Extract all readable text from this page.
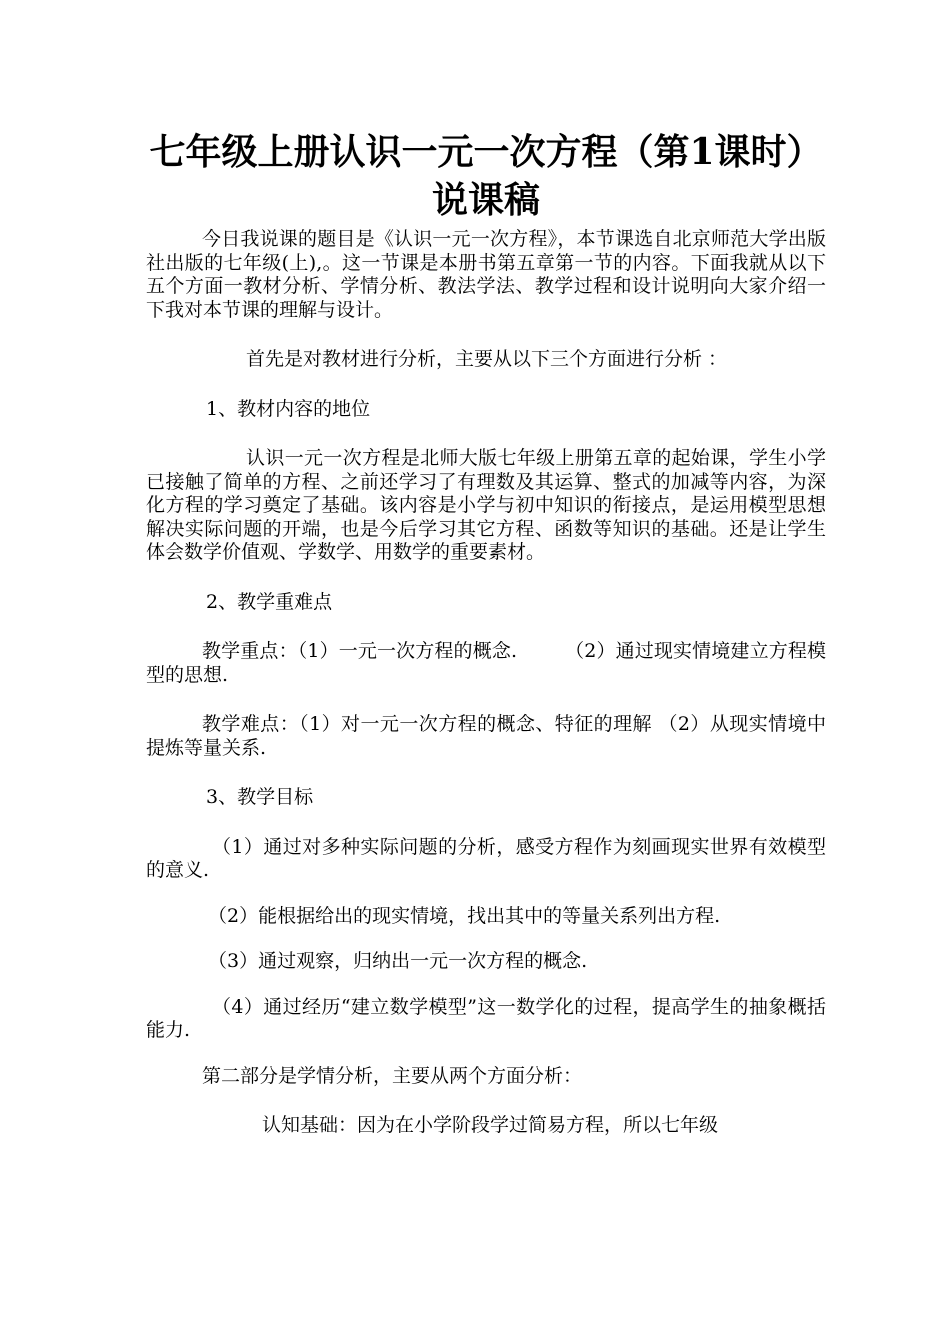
七年级上册认识一元一次方程（第1课时）说课稿

今日我说课的题目是《认识一元一次方程》，本节课选自北京师范大学出版社出版的七年级(上),。这一节课是本册书第五章第一节的内容。下面我就从以下五个方面一教材分析、学情分析、教法学法、教学过程和设计说明向大家介绍一下我对本节课的理解与设计。

首先是对教材进行分析，主要从以下三个方面进行分析 ：

1、教材内容的地位

认识一元一次方程是北师大版七年级上册第五章的起始课，学生小学已接触了简单的方程、之前还学习了有理数及其运算、整式的加减等内容，为深化方程的学习奠定了基础。该内容是小学与初中知识的衔接点，是运用模型思想解决实际问题的开端，也是今后学习其它方程、函数等知识的基础。还是让学生体会数学价值观、学数学、用数学的重要素材。

2、教学重难点

教学重点：（1）一元一次方程的概念.　　　（2）通过现实情境建立方程模型的思想.

教学难点：（1）对一元一次方程的概念、特征的理解 （2）从现实情境中提炼等量关系.

3、教学目标

（1）通过对多种实际问题的分析，感受方程作为刻画现实世界有效模型的意义.

（2）能根据给出的现实情境，找出其中的等量关系列出方程.

（3）通过观察，归纳出一元一次方程的概念.

（4）通过经历“建立数学模型”这一数学化的过程，提高学生的抽象概括能力.

第二部分是学情分析，主要从两个方面分析：

认知基础：因为在小学阶段学过简易方程，所以七年级
